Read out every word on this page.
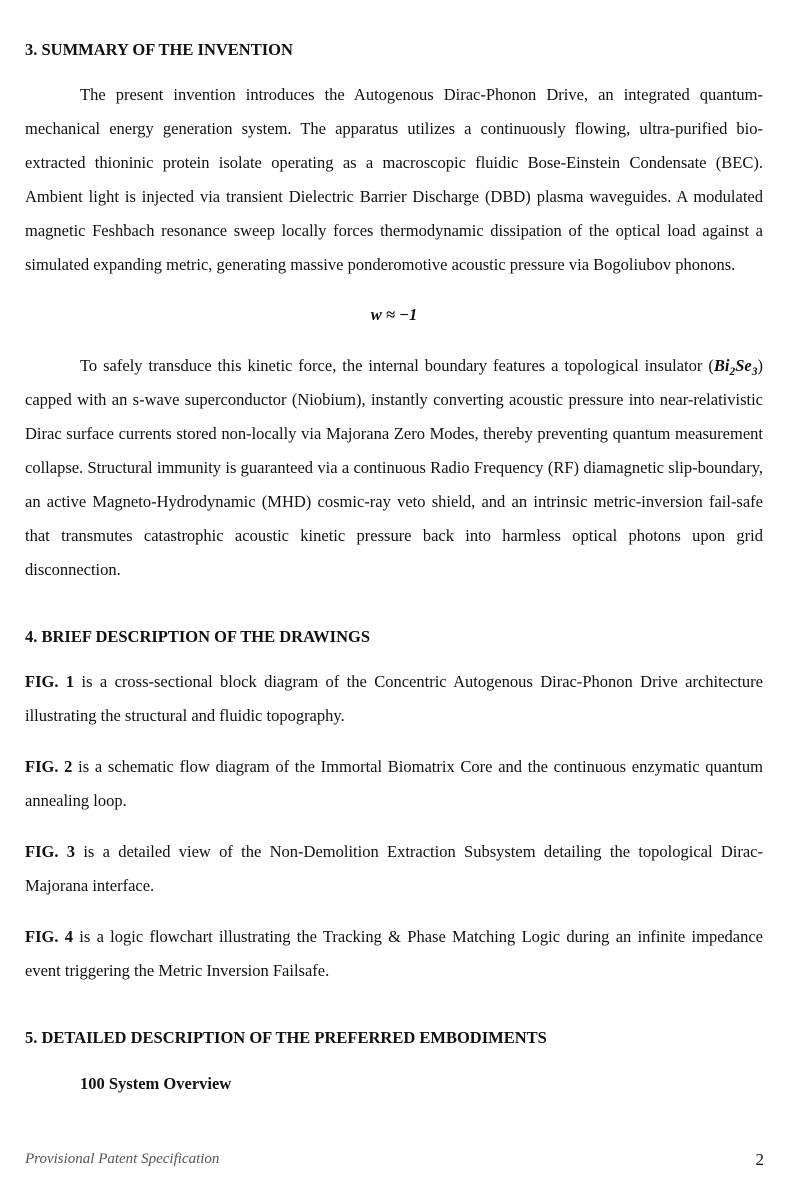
3. SUMMARY OF THE INVENTION

The present invention introduces the Autogenous Dirac-Phonon Drive, an integrated quantum-mechanical energy generation system. The apparatus utilizes a continuously flowing, ultra-purified bio-extracted thioninic protein isolate operating as a macroscopic fluidic Bose-Einstein Condensate (BEC). Ambient light is injected via transient Dielectric Barrier Discharge (DBD) plasma waveguides. A modulated magnetic Feshbach resonance sweep locally forces thermodynamic dissipation of the optical load against a simulated expanding metric, generating massive ponderomotive acoustic pressure via Bogoliubov phonons.

w ≈ −1

To safely transduce this kinetic force, the internal boundary features a topological insulator $(Bi_2Se_3)$ capped with an s-wave superconductor (Niobium), instantly converting acoustic pressure into near-relativistic Dirac surface currents stored non-locally via Majorana Zero Modes, thereby preventing quantum measurement collapse. Structural immunity is guaranteed via a continuous Radio Frequency (RF) diamagnetic slip-boundary, an active Magneto-Hydrodynamic (MHD) cosmic-ray veto shield, and an intrinsic metric-inversion fail-safe that transmutes catastrophic acoustic kinetic pressure back into harmless optical photons upon grid disconnection.

4. BRIEF DESCRIPTION OF THE DRAWINGS

FIG. 1 is a cross-sectional block diagram of the Concentric Autogenous Dirac-Phonon Drive architecture illustrating the structural and fluidic topography.

FIG. 2 is a schematic flow diagram of the Immortal Biomatrix Core and the continuous enzymatic quantum annealing loop.

FIG. 3 is a detailed view of the Non-Demolition Extraction Subsystem detailing the topological Dirac-Majorana interface.

FIG. 4 is a logic flowchart illustrating the Tracking & Phase Matching Logic during an infinite impedance event triggering the Metric Inversion Failsafe.

5. DETAILED DESCRIPTION OF THE PREFERRED EMBODIMENTS
100 System Overview
Provisional Patent Specification	2
